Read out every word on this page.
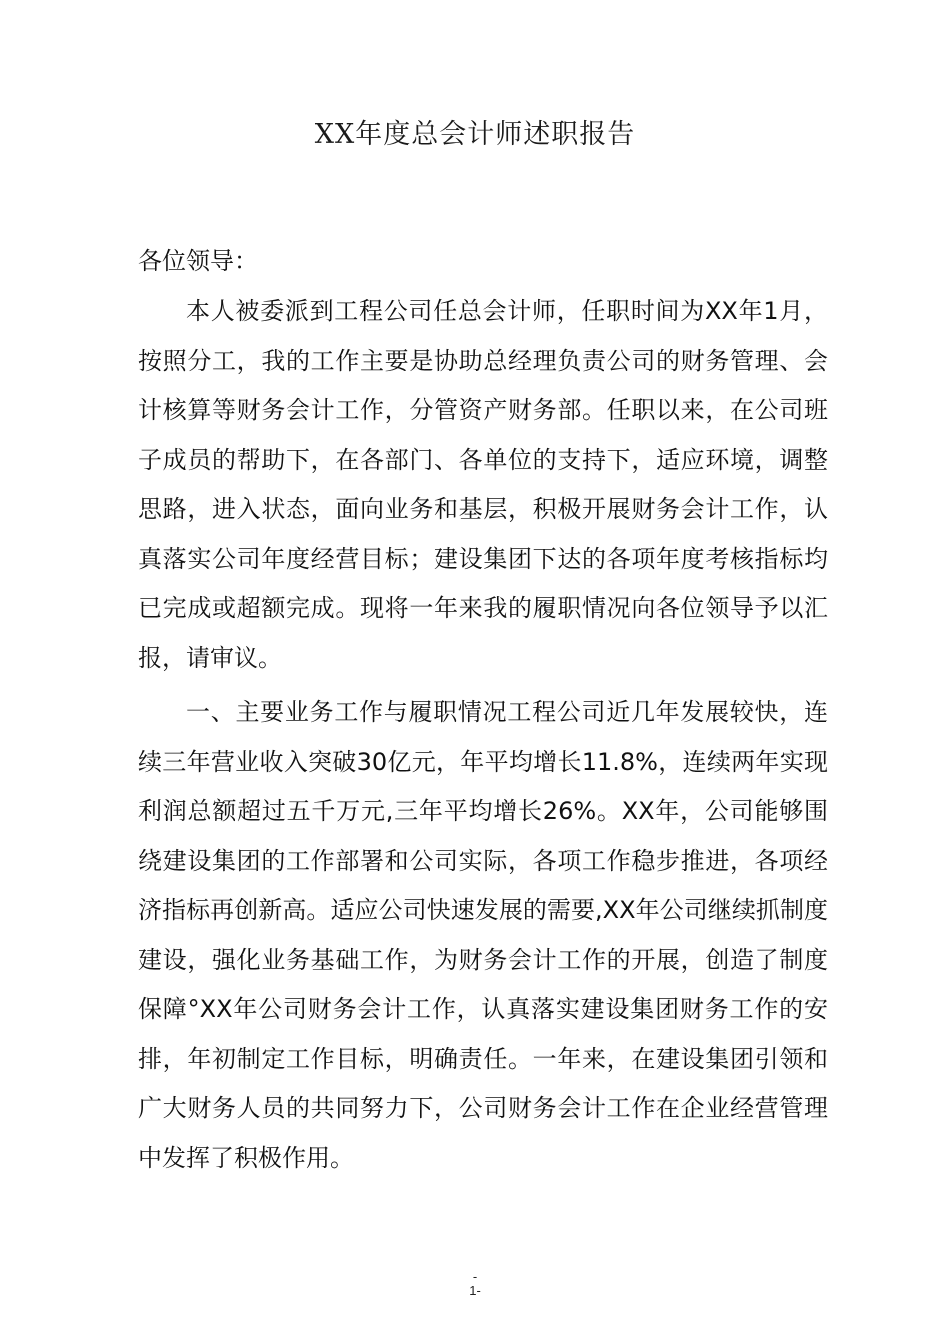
XX年度总会计师述职报告
各位领导：
本人被委派到工程公司任总会计师，任职时间为XX年1月，按照分工，我的工作主要是协助总经理负责公司的财务管理、会计核算等财务会计工作，分管资产财务部。任职以来，在公司班子成员的帮助下，在各部门、各单位的支持下，适应环境，调整思路，进入状态，面向业务和基层，积极开展财务会计工作，认真落实公司年度经营目标；建设集团下达的各项年度考核指标均已完成或超额完成。现将一年来我的履职情况向各位领导予以汇报，请审议。
一、主要业务工作与履职情况工程公司近几年发展较快，连续三年营业收入突破30亿元，年平均增长11.8%，连续两年实现利润总额超过五千万元,三年平均增长26%。XX年，公司能够围绕建设集团的工作部署和公司实际，各项工作稳步推进，各项经济指标再创新高。适应公司快速发展的需要,XX年公司继续抓制度建设，强化业务基础工作，为财务会计工作的开展，创造了制度保障°XX年公司财务会计工作，认真落实建设集团财务工作的安排，年初制定工作目标，明确责任。一年来，在建设集团引领和广大财务人员的共同努力下，公司财务会计工作在企业经营管理中发挥了积极作用。
-
1-
